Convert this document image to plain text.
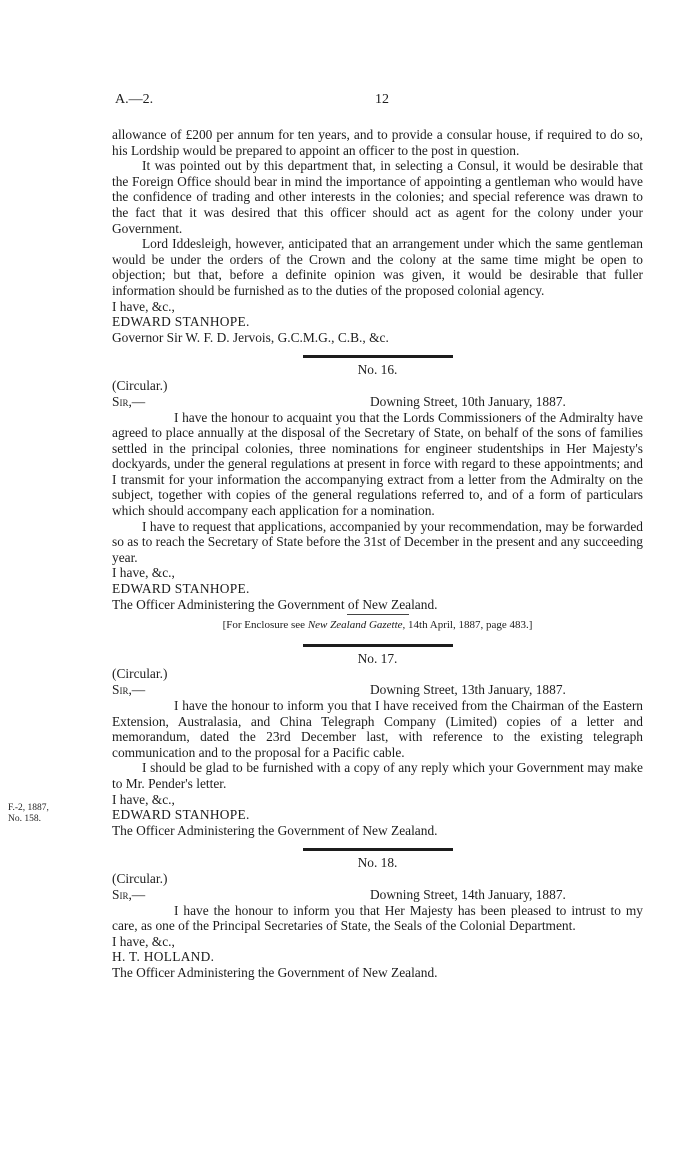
A.—2.	12

allowance of £200 per annum for ten years, and to provide a consular house, if required to do so, his Lordship would be prepared to appoint an officer to the post in question.

It was pointed out by this department that, in selecting a Consul, it would be desirable that the Foreign Office should bear in mind the importance of appointing a gentleman who would have the confidence of trading and other interests in the colonies; and special reference was drawn to the fact that it was desired that this officer should act as agent for the colony under your Government.

Lord Iddesleigh, however, anticipated that an arrangement under which the same gentleman would be under the orders of the Crown and the colony at the same time might be open to objection; but that, before a definite opinion was given, it would be desirable that fuller information should be furnished as to the duties of the proposed colonial agency.

I have, &c.,

EDWARD STANHOPE.

Governor Sir W. F. D. Jervois, G.C.M.G., C.B., &c.

No. 16.

(Circular.)

Sir,—	Downing Street, 10th January, 1887.

I have the honour to acquaint you that the Lords Commissioners of the Admiralty have agreed to place annually at the disposal of the Secretary of State, on behalf of the sons of families settled in the principal colonies, three nominations for engineer studentships in Her Majesty's dockyards, under the general regulations at present in force with regard to these appointments; and I transmit for your information the accompanying extract from a letter from the Admiralty on the subject, together with copies of the general regulations referred to, and of a form of particulars which should accompany each application for a nomination.

I have to request that applications, accompanied by your recommendation, may be forwarded so as to reach the Secretary of State before the 31st of December in the present and any succeeding year.

I have, &c.,

EDWARD STANHOPE.

The Officer Administering the Government of New Zealand.

[For Enclosure see New Zealand Gazette, 14th April, 1887, page 483.]

No. 17.

(Circular.)

Sir,—	Downing Street, 13th January, 1887.

I have the honour to inform you that I have received from the Chairman of the Eastern Extension, Australasia, and China Telegraph Company (Limited) copies of a letter and memorandum, dated the 23rd December last, with reference to the existing telegraph communication and to the proposal for a Pacific cable.

I should be glad to be furnished with a copy of any reply which your Government may make to Mr. Pender's letter.

I have, &c.,

EDWARD STANHOPE.

The Officer Administering the Government of New Zealand.

No. 18.

(Circular.)

Sir,—	Downing Street, 14th January, 1887.

I have the honour to inform you that Her Majesty has been pleased to intrust to my care, as one of the Principal Secretaries of State, the Seals of the Colonial Department.

I have, &c.,

H. T. HOLLAND.

The Officer Administering the Government of New Zealand.

F.-2, 1887,
No. 158.
